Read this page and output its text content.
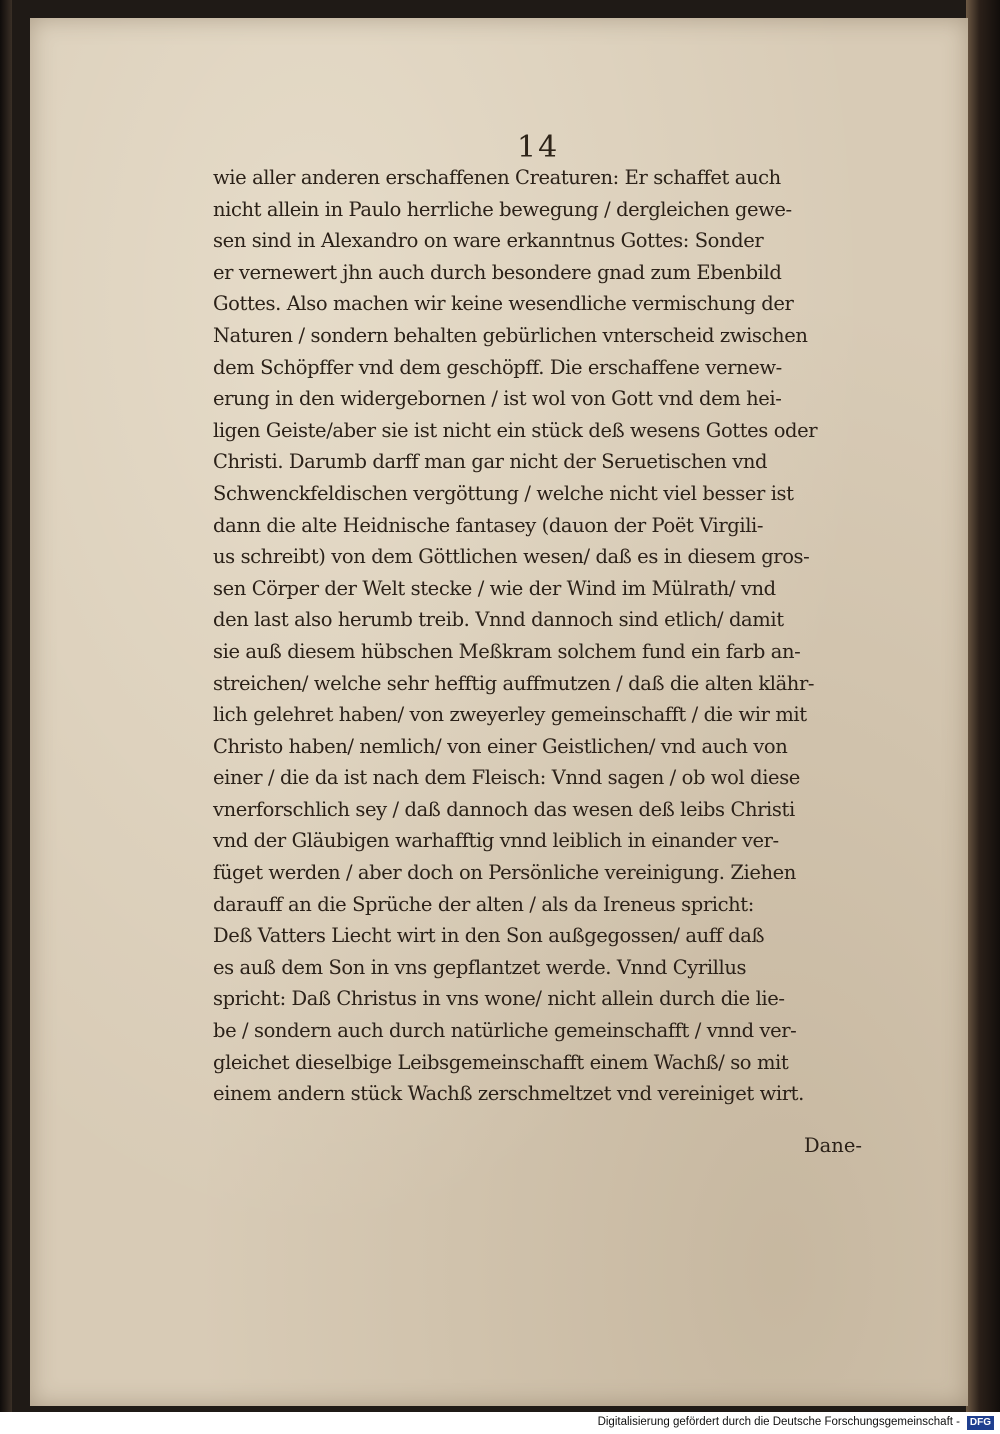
14
wie aller anderen erschaffenen Creaturen: Er schaffet auch
nicht allein in Paulo herrliche bewegung / dergleichen gewe-
sen sind in Alexandro on ware erkanntnus Gottes: Sonder
er vernewert jhn auch durch besondere gnad zum Ebenbild
Gottes. Also machen wir keine wesendliche vermischung der
Naturen / sondern behalten gebürlichen vnterscheid zwischen
dem Schöpffer vnd dem geschöpff. Die erschaffene vernew-
erung in den widergebornen / ist wol von Gott vnd dem hei-
ligen Geiste/aber sie ist nicht ein stück deß wesens Gottes oder
Christi. Darumb darff man gar nicht der Seruetischen vnd
Schwenckfeldischen vergöttung / welche nicht viel besser ist
dann die alte Heidnische fantasey (dauon der Poët Virgili-
us schreibt) von dem Göttlichen wesen/ daß es in diesem gros-
sen Cörper der Welt stecke / wie der Wind im Mülrath/ vnd
den last also herumb treib. Vnnd dannoch sind etlich/ damit
sie auß diesem hübschen Meßkram solchem fund ein farb an-
streichen/ welche sehr hefftig auffmutzen / daß die alten klähr-
lich gelehret haben/ von zweyerley gemeinschafft / die wir mit
Christo haben/ nemlich/ von einer Geistlichen/ vnd auch von
einer / die da ist nach dem Fleisch: Vnnd sagen / ob wol diese
vnerforschlich sey / daß dannoch das wesen deß leibs Christi
vnd der Gläubigen warhafftig vnnd leiblich in einander ver-
füget werden / aber doch on Persönliche vereinigung. Ziehen
darauff an die Sprüche der alten / als da Ireneus spricht:
Deß Vatters Liecht wirt in den Son außgegossen/ auff daß
es auß dem Son in vns gepflantzet werde. Vnnd Cyrillus
spricht: Daß Christus in vns wone/ nicht allein durch die lie-
be / sondern auch durch natürliche gemeinschafft / vnnd ver-
gleichet dieselbige Leibsgemeinschafft einem Wachß/ so mit
einem andern stück Wachß zerschmeltzet vnd vereiniget wirt.
Dane-
Digitalisierung gefördert durch die Deutsche Forschungsgemeinschaft - DFG
